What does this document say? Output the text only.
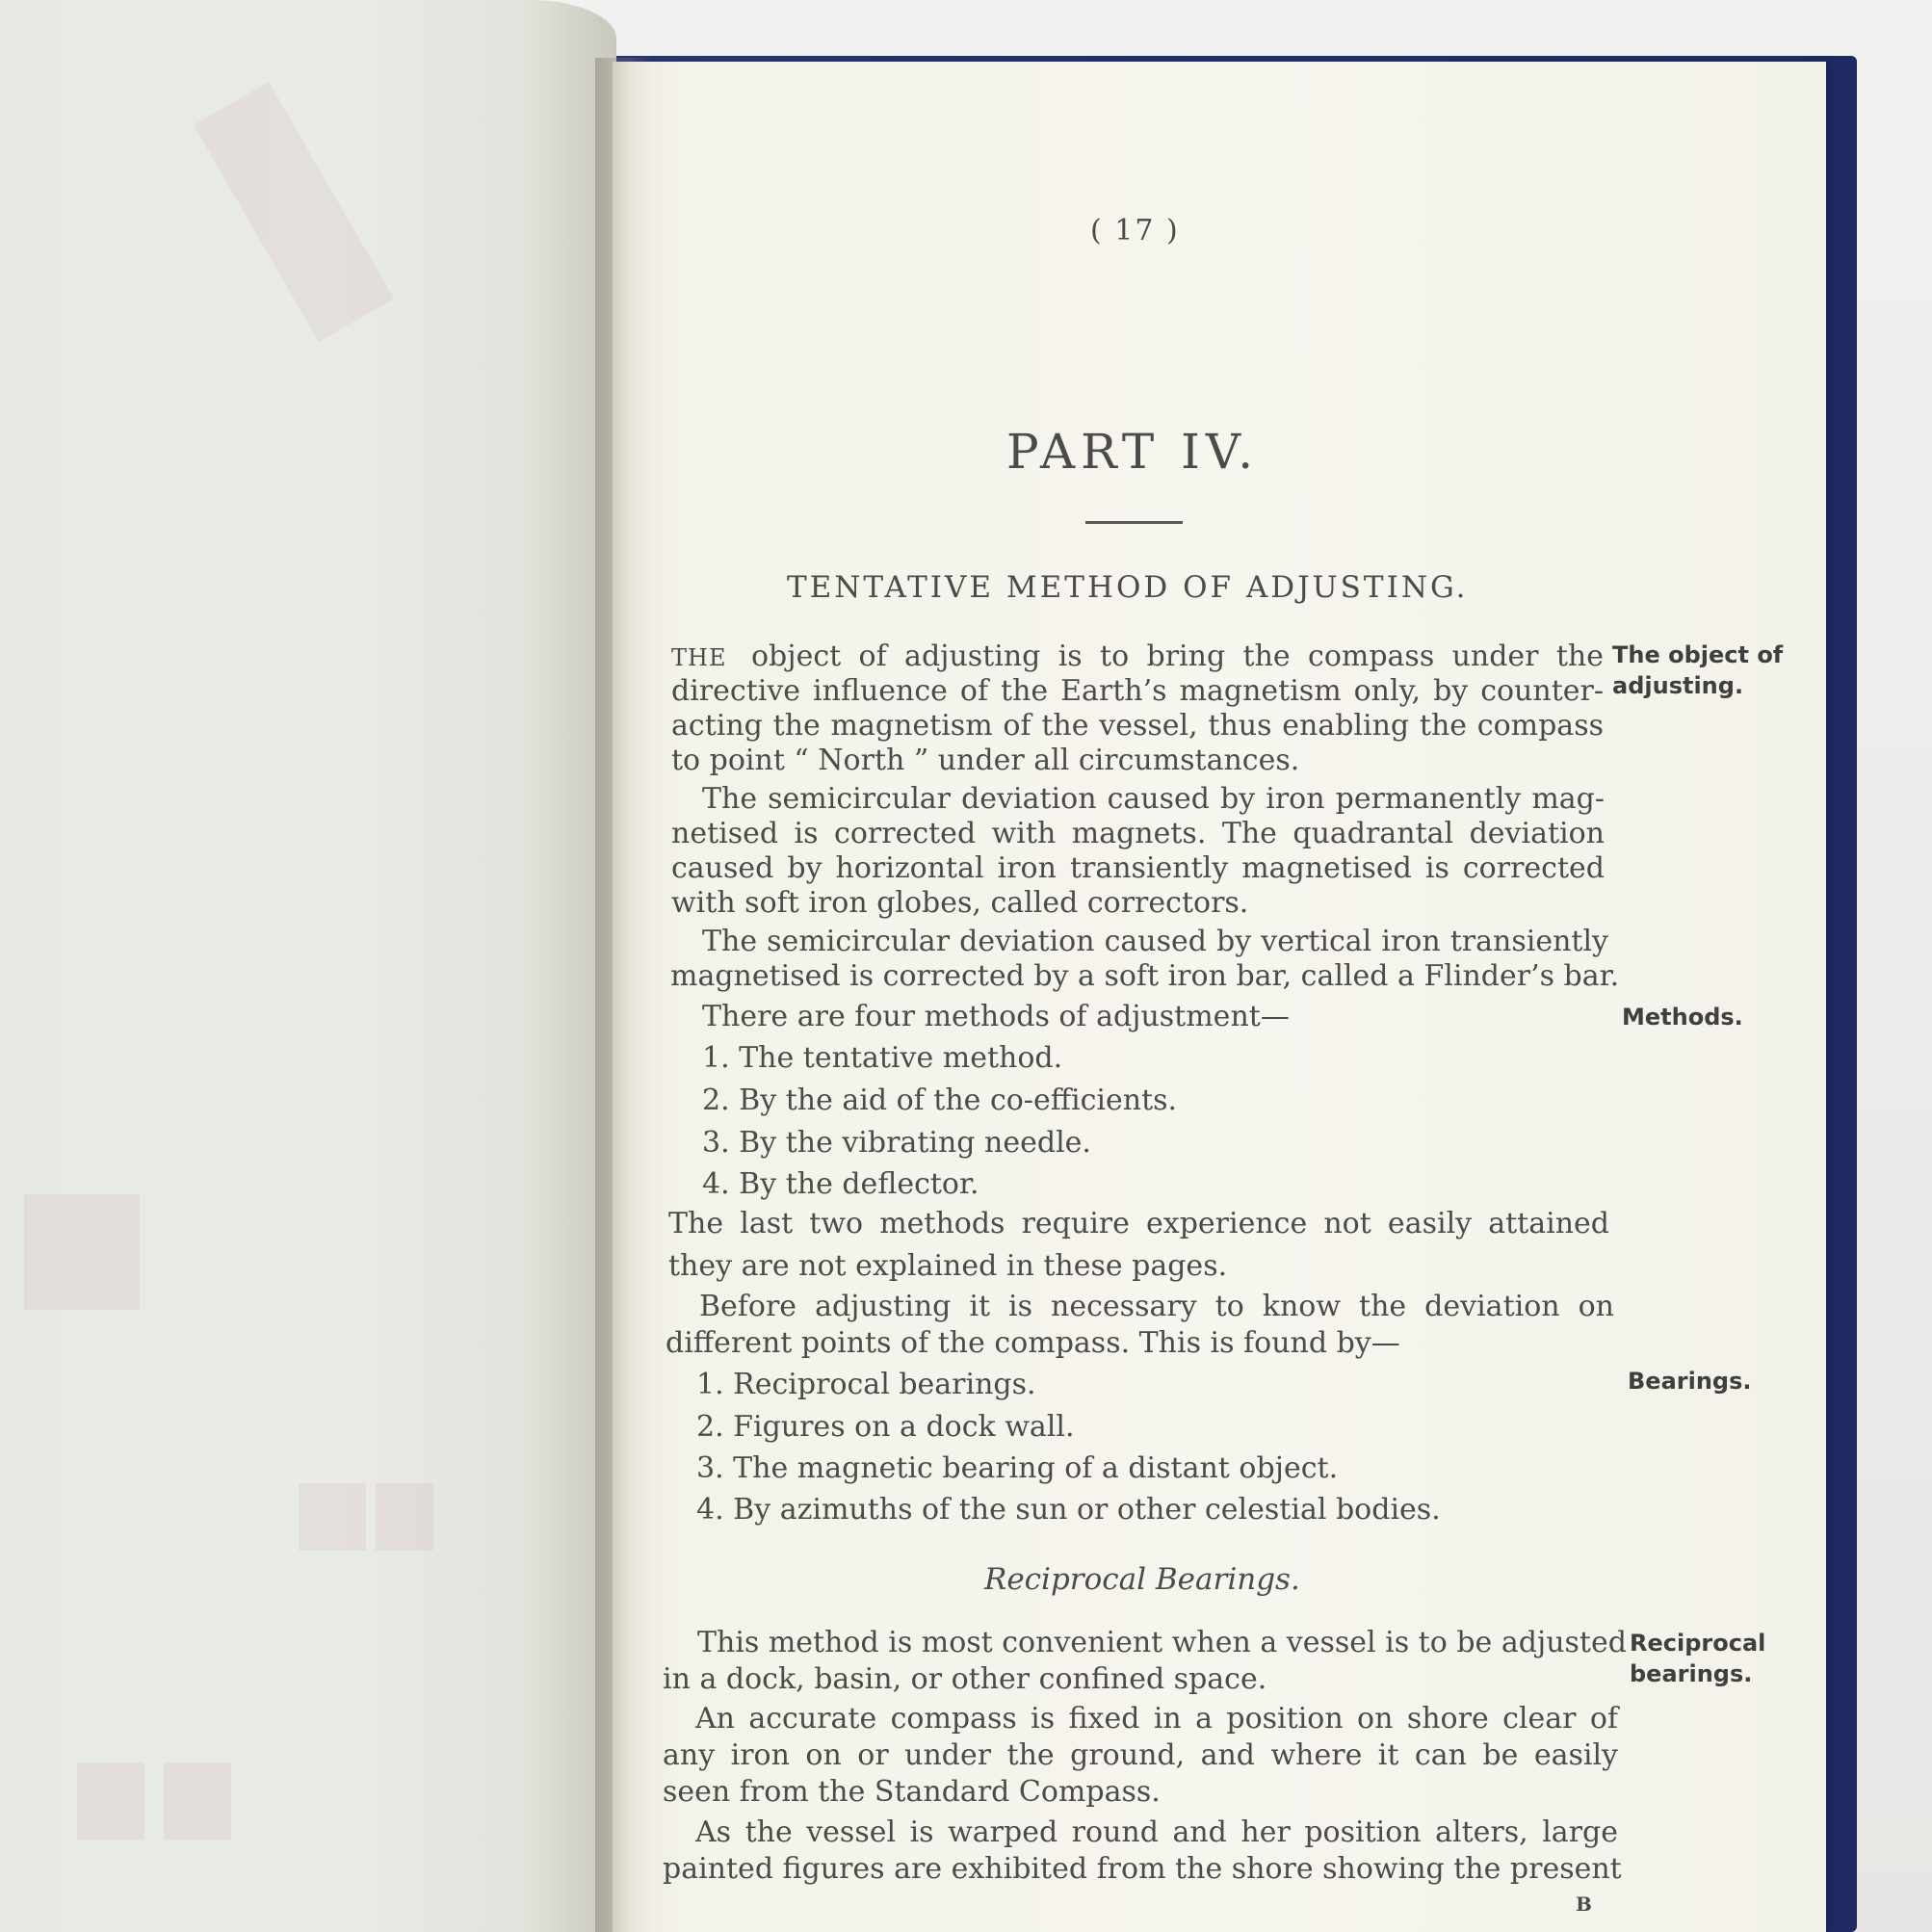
( 17 )
PART IV.
TENTATIVE METHOD OF ADJUSTING.
THE object of adjusting is to bring the compass under the
directive influence of the Earth’s magnetism only, by counter-
acting the magnetism of the vessel, thus enabling the compass
to point “ North ” under all circumstances.
The semicircular deviation caused by iron permanently mag-
netised is corrected with magnets. The quadrantal deviation
caused by horizontal iron transiently magnetised is corrected
with soft iron globes, called correctors.
The semicircular deviation caused by vertical iron transiently
magnetised is corrected by a soft iron bar, called a Flinder’s bar.
There are four methods of adjustment—
1. The tentative method.
2. By the aid of the co-efficients.
3. By the vibrating needle.
4. By the deflector.
The last two methods require experience not easily attained
they are not explained in these pages.
Before adjusting it is necessary to know the deviation on
different points of the compass. This is found by—
1. Reciprocal bearings.
2. Figures on a dock wall.
3. The magnetic bearing of a distant object.
4. By azimuths of the sun or other celestial bodies.
Reciprocal Bearings.
This method is most convenient when a vessel is to be adjusted
in a dock, basin, or other confined space.
An accurate compass is fixed in a position on shore clear of
any iron on or under the ground, and where it can be easily
seen from the Standard Compass.
As the vessel is warped round and her position alters, large
painted figures are exhibited from the shore showing the present
The object of
adjusting.
Methods.
Bearings.
Reciprocal
bearings.
B
